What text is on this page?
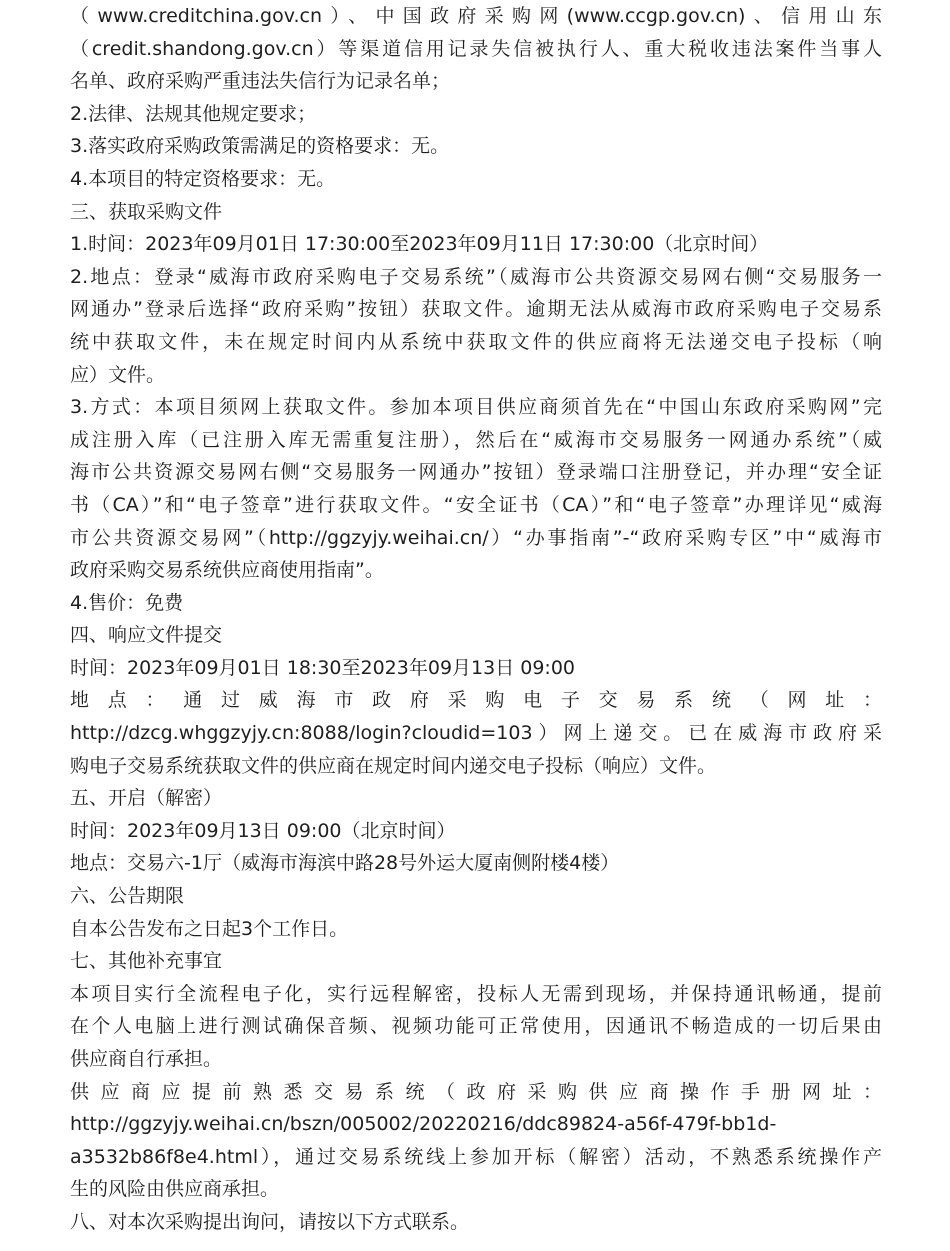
（www.creditchina.gov.cn）、中国政府采购网(www.ccgp.gov.cn)、信用山东
（credit.shandong.gov.cn）等渠道信用记录失信被执行人、重大税收违法案件当事人
名单、政府采购严重违法失信行为记录名单；
2.法律、法规其他规定要求；
3.落实政府采购政策需满足的资格要求：无。
4.本项目的特定资格要求：无。
三、获取采购文件
1.时间：2023年09月01日 17:30:00至2023年09月11日 17:30:00（北京时间）
2.地点：登录“威海市政府采购电子交易系统”（威海市公共资源交易网右侧“交易服务一
网通办”登录后选择“政府采购”按钮）获取文件。逾期无法从威海市政府采购电子交易系
统中获取文件，未在规定时间内从系统中获取文件的供应商将无法递交电子投标（响
应）文件。
3.方式：本项目须网上获取文件。参加本项目供应商须首先在“中国山东政府采购网”完
成注册入库（已注册入库无需重复注册），然后在“威海市交易服务一网通办系统”（威
海市公共资源交易网右侧“交易服务一网通办”按钮）登录端口注册登记，并办理“安全证
书（CA）”和“电子签章”进行获取文件。“安全证书（CA）”和“电子签章”办理详见“威海
市公共资源交易网”（http://ggzyjy.weihai.cn/）“办事指南”-“政府采购专区”中“威海市
政府采购交易系统供应商使用指南”。
4.售价：免费
四、响应文件提交
时间：2023年09月01日 18:30至2023年09月13日 09:00
地点：通过威海市政府采购电子交易系统（网址：
http://dzcg.whggzyjy.cn:8088/login?cloudid=103）网上递交。已在威海市政府采
购电子交易系统获取文件的供应商在规定时间内递交电子投标（响应）文件。
五、开启（解密）
时间：2023年09月13日 09:00（北京时间）
地点：交易六-1厅（威海市海滨中路28号外运大厦南侧附楼4楼）
六、公告期限
自本公告发布之日起3个工作日。
七、其他补充事宜
本项目实行全流程电子化，实行远程解密，投标人无需到现场，并保持通讯畅通，提前
在个人电脑上进行测试确保音频、视频功能可正常使用，因通讯不畅造成的一切后果由
供应商自行承担。
供应商应提前熟悉交易系统（政府采购供应商操作手册网址：
http://ggzyjy.weihai.cn/bszn/005002/20220216/ddc89824-a56f-479f-bb1d-
a3532b86f8e4.html），通过交易系统线上参加开标（解密）活动，不熟悉系统操作产
生的风险由供应商承担。
八、对本次采购提出询问，请按以下方式联系。
